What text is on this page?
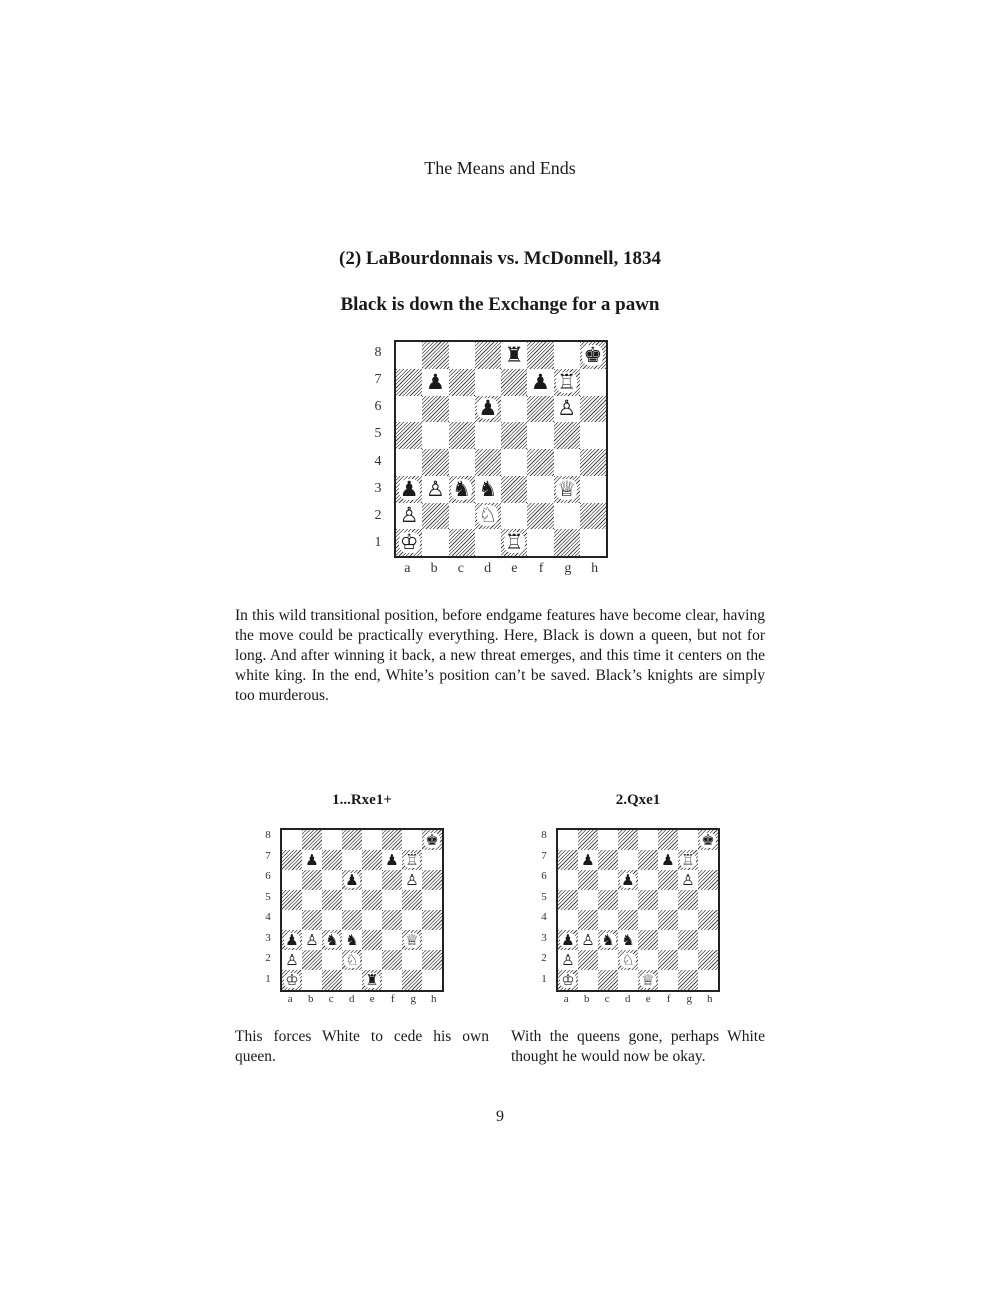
The Means and Ends
(2) LaBourdonnais vs. McDonnell, 1834
Black is down the Exchange for a pawn
♜	♚
♟	♟ ♖
♟	♙
♟ ♙ ♞ ♞	♕
♙	♘
♔	♖
8
7
6
5
4
3
2
1
a	b	c	d	e	f	g	h
In this wild transitional position, before endgame features have become clear, having the move could be practically everything. Here, Black is down a queen, but not for long. And after winning it back, a new threat emerges, and this time it centers on the white king. In the end, White’s position can’t be saved. Black’s knights are simply too murderous.
1...Rxe1+
♚
♟	♟ ♖
♟	♙
♟ ♙ ♞ ♞	♕
♙	♘
♔	♜
8
7
6
5
4
3
2
1
a	b	c	d	e	f	g	h
This forces White to cede his own queen.
2.Qxe1
♚
♟	♟ ♖
♟	♙
♟ ♙ ♞ ♞
♙	♘
♔	♕
8
7
6
5
4
3
2
1
a	b	c	d	e	f	g	h
With the queens gone, perhaps White thought he would now be okay.
9
